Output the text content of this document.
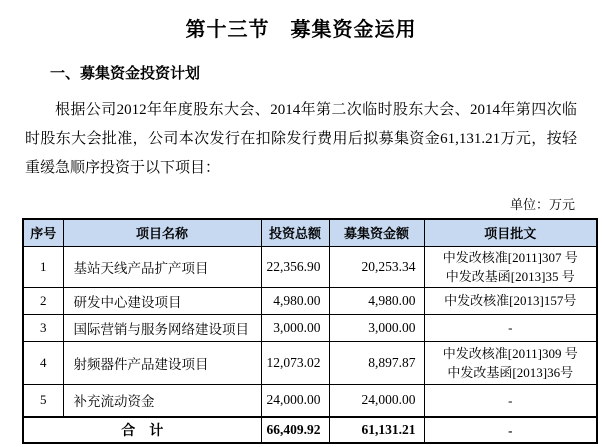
第十三节　募集资金运用
一、募集资金投资计划

根据公司2012年年度股东大会、2014年第二次临时股东大会、2014年第四次临时股东大会批准，公司本次发行在扣除发行费用后拟募集资金61,131.21万元，按轻重缓急顺序投资于以下项目：

单位：万元
序号	项目名称	投资总额	募集资金额	项目批文
1	基站天线产品扩产项目	22,356.90	20,253.34	中发改核准[2011]307 号
中发改基函[2013]35 号
2	研发中心建设项目	4,980.00	4,980.00	中发改核准[2013]157号
3	国际营销与服务网络建设项目	3,000.00	3,000.00	-
4	射频器件产品建设项目	12,073.02	8,897.87	中发改核准[2011]309 号
中发改基函[2013]36号
5	补充流动资金	24,000.00	24,000.00	-
合　计		66,409.92	61,131.21	-
